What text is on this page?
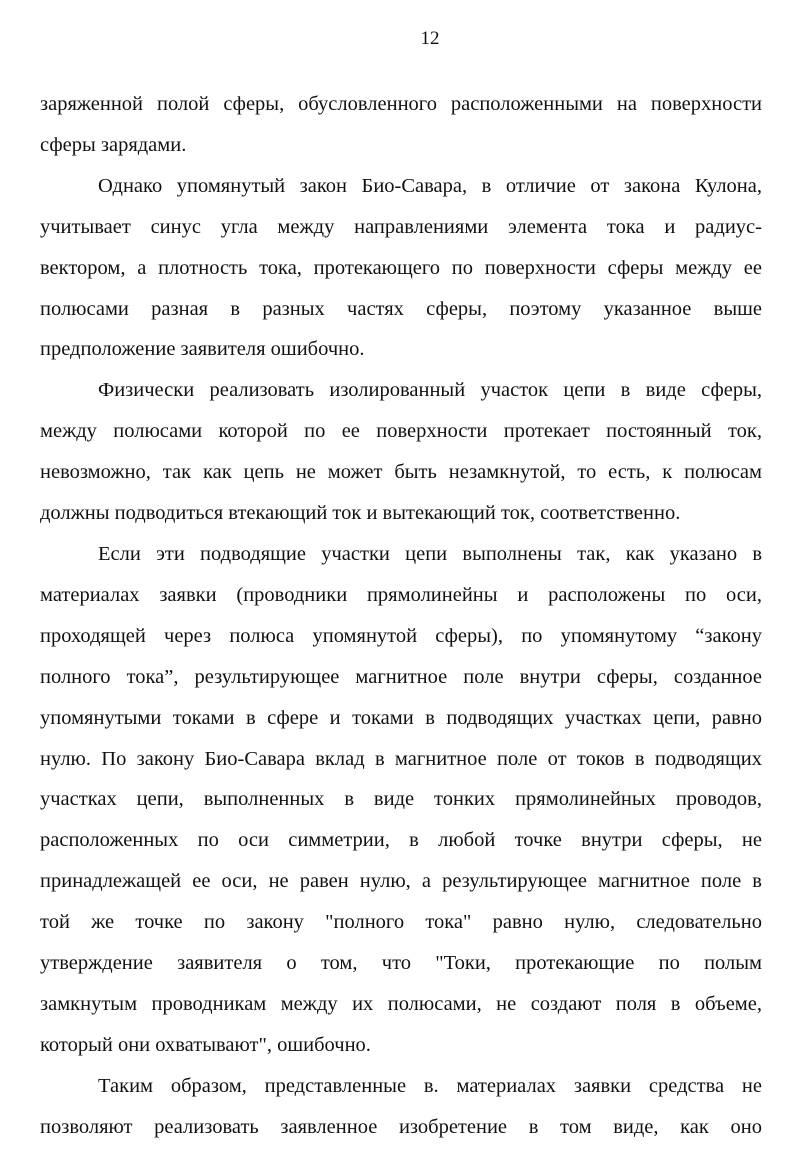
12

заряженной полой сферы, обусловленного расположенными на поверхности
сферы зарядами.

Однако упомянутый закон Био-Савара, в отличие от закона Кулона,
учитывает синус угла между направлениями элемента тока и радиус-
вектором, а плотность тока, протекающего по поверхности сферы между ее
полюсами разная в разных частях сферы, поэтому указанное выше
предположение заявителя ошибочно.

Физически реализовать изолированный участок цепи в виде сферы,
между полюсами которой по ее поверхности протекает постоянный ток,
невозможно, так как цепь не может быть незамкнутой, то есть, к полюсам
должны подводиться втекающий ток и вытекающий ток, соответственно.

Если эти подводящие участки цепи выполнены так, как указано в
материалах заявки (проводники прямолинейны и расположены по оси,
проходящей через полюса упомянутой сферы), по упомянутому “закону
полного тока”, результирующее магнитное поле внутри сферы, созданное
упомянутыми токами в сфере и токами в подводящих участках цепи, равно
нулю. По закону Био-Савара вклад в магнитное поле от токов в подводящих
участках цепи, выполненных в виде тонких прямолинейных проводов,
расположенных по оси симметрии, в любой точке внутри сферы, не
принадлежащей ее оси, не равен нулю, а результирующее магнитное поле в
той же точке по закону "полного тока" равно нулю, следовательно
утверждение заявителя о том, что "Токи, протекающие по полым
замкнутым проводникам между их полюсами, не создают поля в объеме,
который они охватывают", ошибочно.

Таким образом, представленные в. материалах заявки средства не
позволяют реализовать заявленное изобретение в том виде, как оно
